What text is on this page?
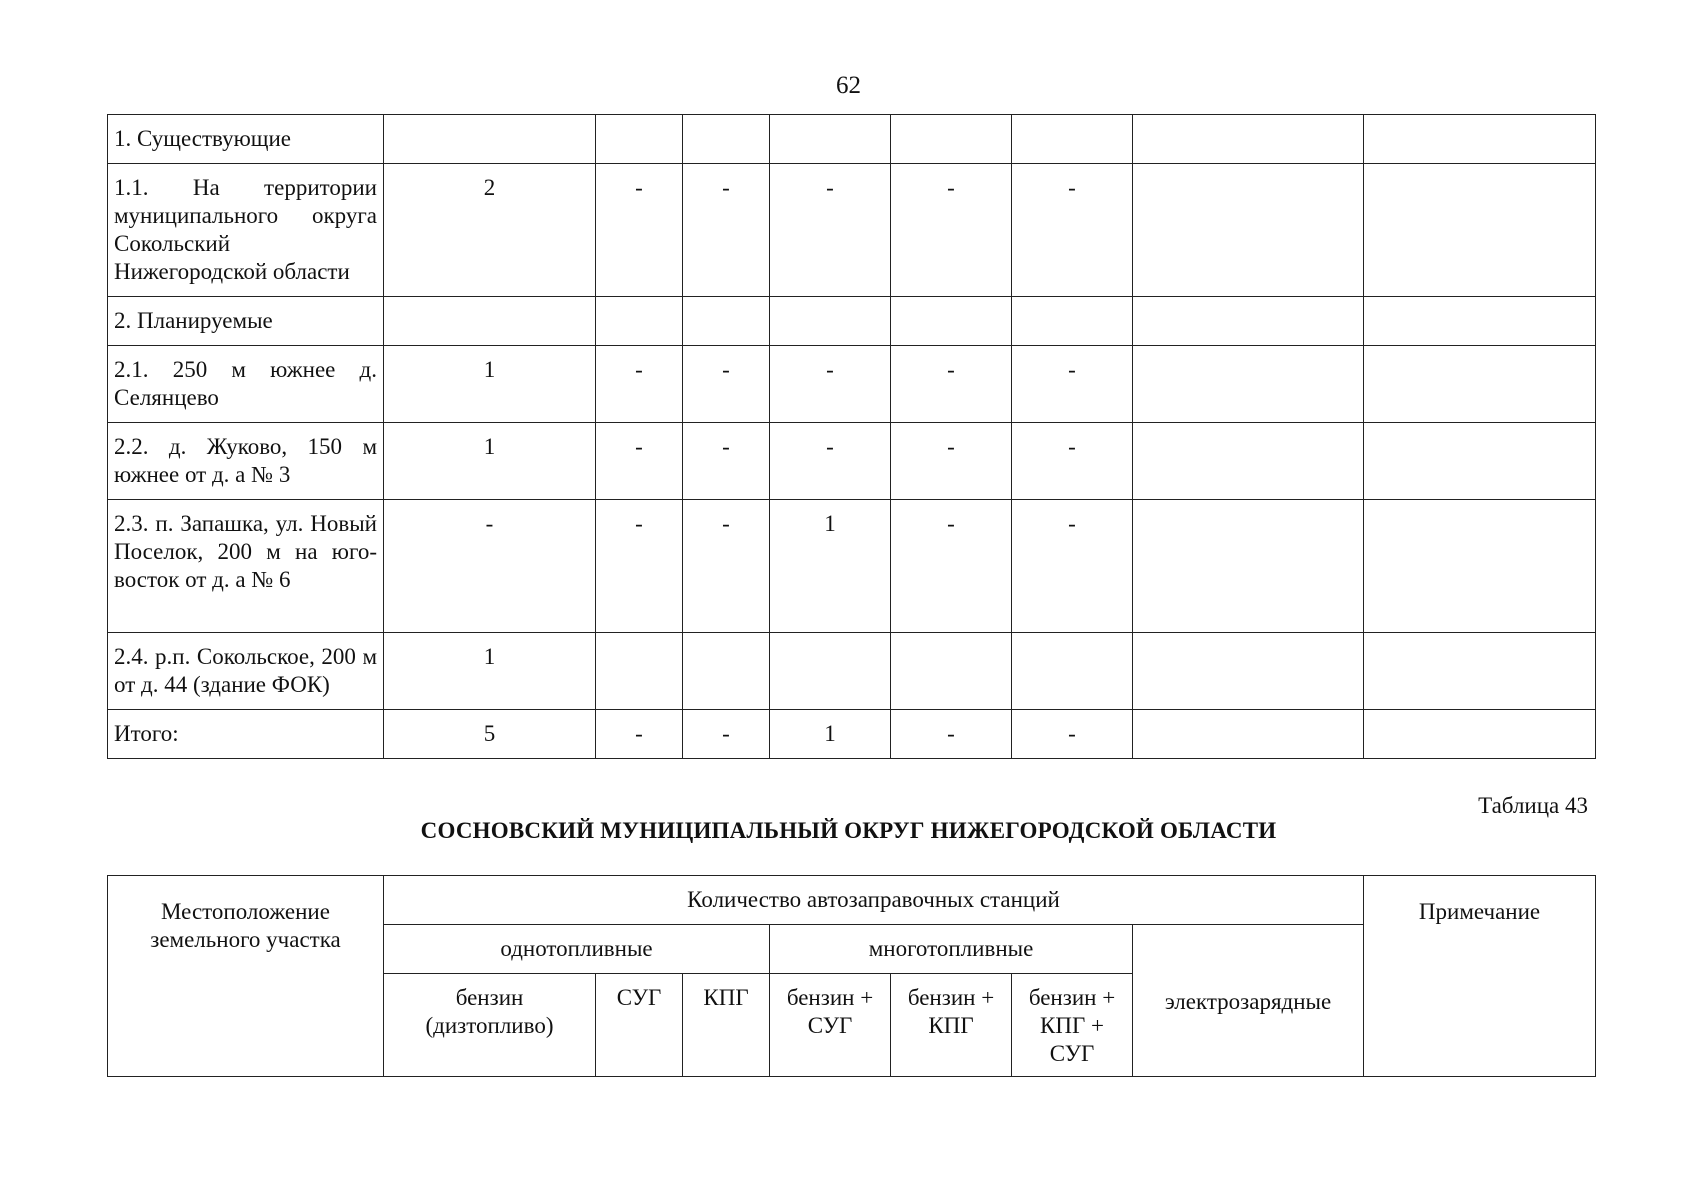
62
1. Существующие								
1.1. На территории муниципального округа Сокольский Нижегородской области	2	-	-	-	-	-		
2. Планируемые								
2.1. 250 м южнее д. Селянцево	1	-	-	-	-	-		
2.2. д. Жуково, 150 м южнее от д. а № 3	1	-	-	-	-	-		
2.3. п. Запашка, ул. Новый Поселок, 200 м на юго-восток от д. а № 6	-	-	-	1	-	-		
2.4. р.п. Сокольское, 200 м от д. 44 (здание ФОК)	1							
Итого:	5	-	-	1	-	-		
Таблица 43
СОСНОВСКИЙ МУНИЦИПАЛЬНЫЙ ОКРУГ НИЖЕГОРОДСКОЙ ОБЛАСТИ
Местоположение земельного участка	Количество автозаправочных станций							Примечание
	однотопливные			многотопливные			электрозарядные	
	бензин (дизтопливо)	СУГ	КПГ	бензин + СУГ	бензин + КПГ	бензин + КПГ + СУГ		
